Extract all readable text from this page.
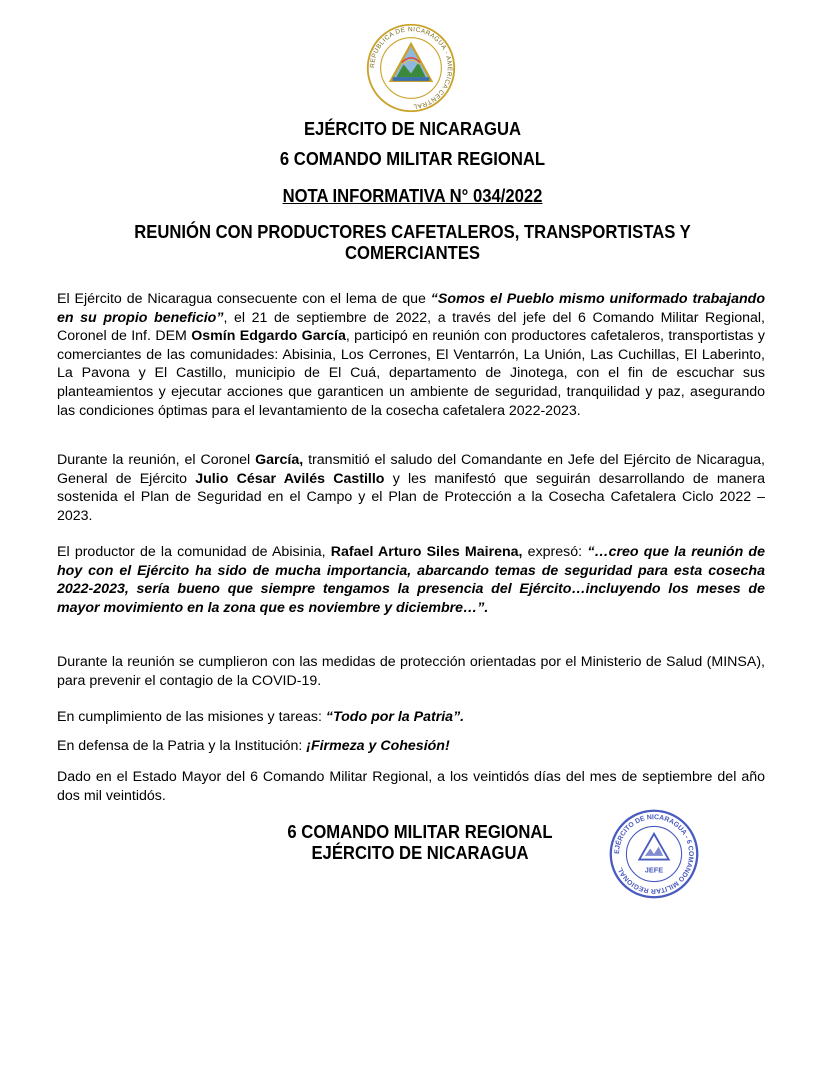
REPÚBLICA DE NICARAGUA - AMÉRICA CENTRAL
EJÉRCITO DE NICARAGUA
6 COMANDO MILITAR REGIONAL
NOTA INFORMATIVA N° 034/2022
REUNIÓN CON PRODUCTORES CAFETALEROS, TRANSPORTISTAS Y COMERCIANTES
El Ejército de Nicaragua consecuente con el lema de que “Somos el Pueblo mismo uniformado trabajando en su propio beneficio”, el 21 de septiembre de 2022, a través del jefe del 6 Comando Militar Regional, Coronel de Inf. DEM Osmín Edgardo García, participó en reunión con productores cafetaleros, transportistas y comerciantes de las comunidades: Abisinia, Los Cerrones, El Ventarrón, La Unión, Las Cuchillas, El Laberinto, La Pavona y El Castillo, municipio de El Cuá, departamento de Jinotega, con el fin de escuchar sus planteamientos y ejecutar acciones que garanticen un ambiente de seguridad, tranquilidad y paz, asegurando las condiciones óptimas para el levantamiento de la cosecha cafetalera 2022-2023.
Durante la reunión, el Coronel García, transmitió el saludo del Comandante en Jefe del Ejército de Nicaragua, General de Ejército Julio César Avilés Castillo y les manifestó que seguirán desarrollando de manera sostenida el Plan de Seguridad en el Campo y el Plan de Protección a la Cosecha Cafetalera Ciclo 2022 – 2023.
El productor de la comunidad de Abisinia, Rafael Arturo Siles Mairena, expresó: “…creo que la reunión de hoy con el Ejército ha sido de mucha importancia, abarcando temas de seguridad para esta cosecha 2022-2023, sería bueno que siempre tengamos la presencia del Ejército…incluyendo los meses de mayor movimiento en la zona que es noviembre y diciembre…”.
Durante la reunión se cumplieron con las medidas de protección orientadas por el Ministerio de Salud (MINSA), para prevenir el contagio de la COVID-19.
En cumplimiento de las misiones y tareas: “Todo por la Patria”.
En defensa de la Patria y la Institución: ¡Firmeza y Cohesión!
Dado en el Estado Mayor del 6 Comando Militar Regional, a los veintidós días del mes de septiembre del año dos mil veintidós.
6 COMANDO MILITAR REGIONAL
EJÉRCITO DE NICARAGUA	EJÉRCITO DE NICARAGUA - 6 COMANDO MILITAR REGIONAL	JEFE
